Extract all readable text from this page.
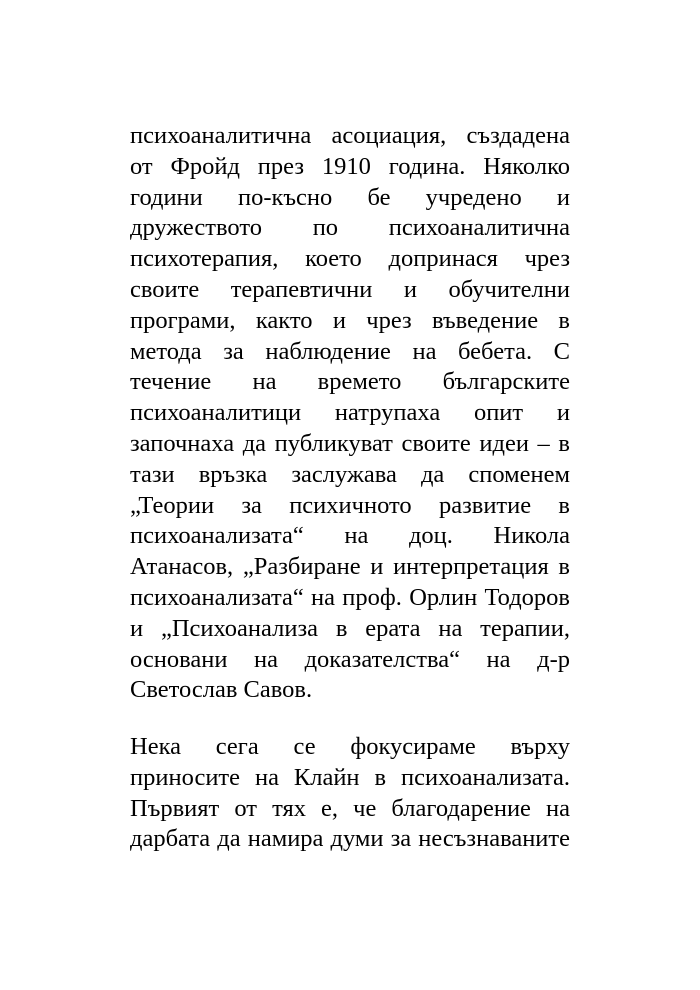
психоаналитична асоциация, създадена
от Фройд през 1910 година. Няколко
години по-късно бе учредено и
дружеството по психоаналитична
психотерапия, което допринася чрез
своите терапевтични и обучителни
програми, както и чрез въведение в
метода за наблюдение на бебета. С
течение на времето българските
психоаналитици натрупаха опит и
започнаха да публикуват своите идеи – в
тази връзка заслужава да споменем
„Теории за психичното развитие в
психоанализата“ на доц. Никола
Атанасов, „Разбиране и интерпретация в
психоанализата“ на проф. Орлин Тодоров
и „Психоанализа в ерата на терапии,
основани на доказателства“ на д-р
Светослав Савов.
Нека сега се фокусираме върху
приносите на Клайн в психоанализата.
Първият от тях е, че благодарение на
дарбата да намира думи за несъзнаваните
